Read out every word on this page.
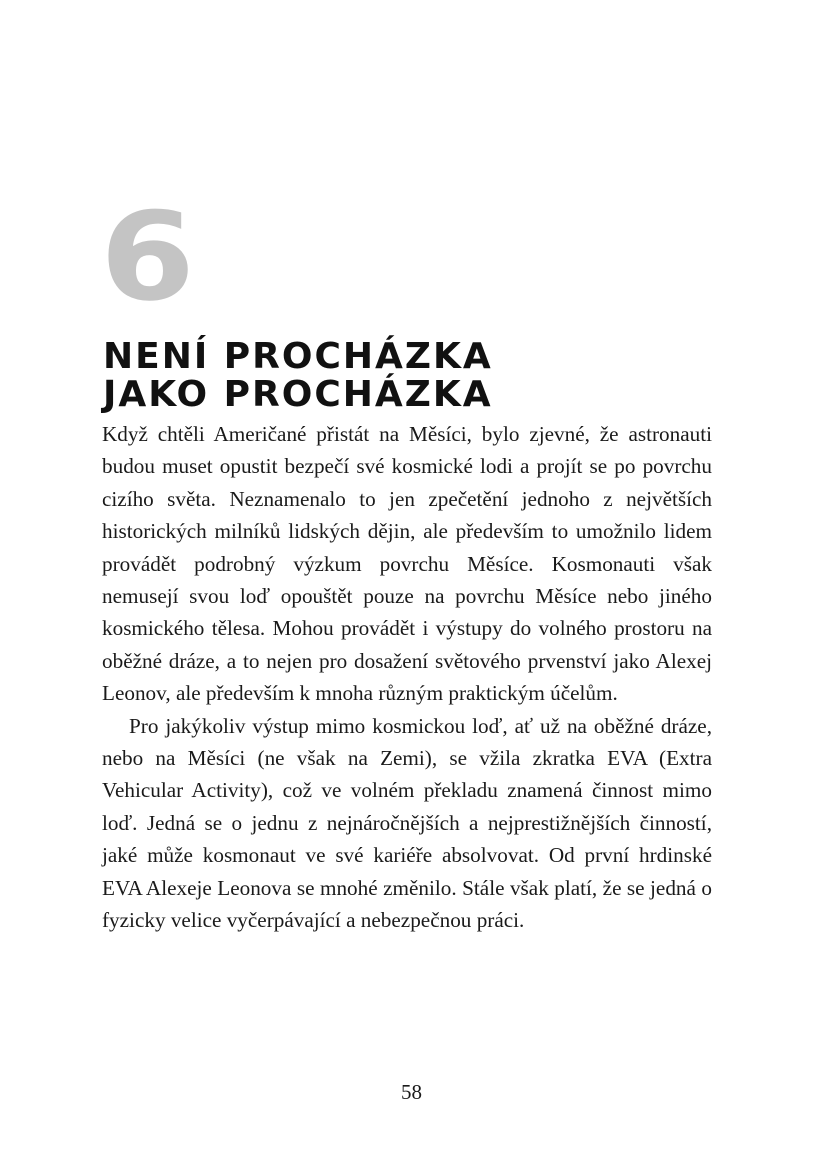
6
NENÍ PROCHÁZKA
JAKO PROCHÁZKA

Když chtěli Američané přistát na Měsíci, bylo zjevné, že astronauti budou muset opustit bezpečí své kosmické lodi a projít se po povrchu cizího světa. Neznamenalo to jen zpečetění jednoho z největších historických milníků lidských dějin, ale především to umožnilo lidem provádět podrobný výzkum povrchu Měsíce. Kosmonauti však nemusejí svou loď opouštět pouze na povrchu Měsíce nebo jiného kosmického tělesa. Mohou provádět i výstupy do volného prostoru na oběžné dráze, a to nejen pro dosažení světového prvenství jako Alexej Leonov, ale především k mnoha různým praktickým účelům.

Pro jakýkoliv výstup mimo kosmickou loď, ať už na oběžné dráze, nebo na Měsíci (ne však na Zemi), se vžila zkratka EVA (Extra Vehicular Activity), což ve volném překladu znamená činnost mimo loď. Jedná se o jednu z nejnáročnějších a nejprestižnějších činností, jaké může kosmonaut ve své kariéře absolvovat. Od první hrdinské EVA Alexeje Leonova se mnohé změnilo. Stále však platí, že se jedná o fyzicky velice vyčerpávající a nebezpečnou práci.

58
